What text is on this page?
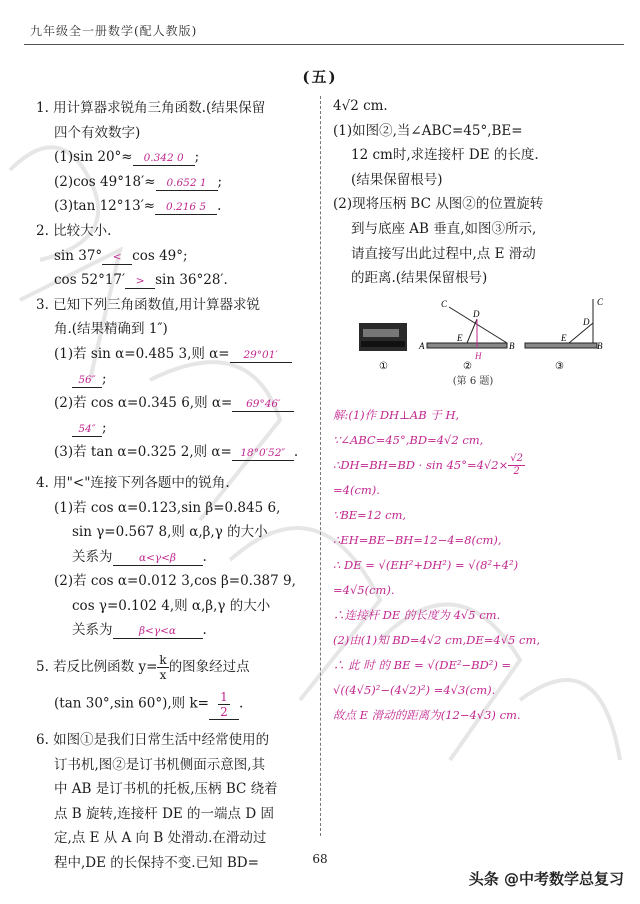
九年级全一册数学(配人教版)
(五)
1. 用计算器求锐角三角函数.(结果保留
四个有效数字)
(1)sin 20°≈ 0.342 0 ;
(2)cos 49°18′≈ 0.652 1 ;
(3)tan 12°13′≈ 0.216 5 .
2. 比较大小.
sin 37° < cos 49°;
cos 52°17′ > sin 36°28′.
3. 已知下列三角函数值,用计算器求锐
角.(结果精确到 1″)
(1)若 sin α=0.485 3,则 α= 29°01′
56″ ;
(2)若 cos α=0.345 6,则 α= 69°46′
54″ ;
(3)若 tan α=0.325 2,则 α= 18°0′52″ .
4. 用"<"连接下列各题中的锐角.
(1)若 cos α=0.123,sin β=0.845 6,
sin γ=0.567 8,则 α,β,γ 的大小
关系为	α<γ<β .
(2)若 cos α=0.012 3,cos β=0.387 9,
cos γ=0.102 4,则 α,β,γ 的大小
关系为	β<γ<α .
5. 若反比例函数 $y= \frac{k}{x}$ 的图象经过点
(tan 30°,sin 60°),则 $k= \frac{1}{2}$ .
6. 如图①是我们日常生活中经常使用的
订书机,图②是订书机侧面示意图,其
中 AB 是订书机的托板,压柄 BC 绕着
点 B 旋转,连接杆 DE 的一端点 D 固
定,点 E 从 A 向 B 处滑动.在滑动过
程中,DE 的长保持不变.已知 BD=
4√2 cm.
(1)如图②,当∠ABC=45°,BE=
12 cm时,求连接杆 DE 的长度.
(结果保留根号)
(2)现将压柄 BC 从图②的位置旋转
到与底座 AB 垂直,如图③所示,
请直接写出此过程中,点 E 滑动
的距离.(结果保留根号)
A	B
C
D
E
H
C
D
E
B
①	②	③
(第 6 题)
解:(1)作 DH⊥AB 于 H,
∵∠ABC=45°,BD=4√2 cm,
∴DH=BH=BD · $\sin 45^\circ=4√2\times \frac{√2}{2}$
=4(cm).
∵BE=12 cm,
∴EH=BE−BH=12−4=8(cm),
∴ DE = √(EH²+DH²) = √(8²+4²)
=4√5(cm).
∴连接杆 DE 的长度为 4√5 cm.
(2)由(1)知 BD=4√2 cm,DE=4√5 cm,
∴ 此 时 的 BE = √(DE²−BD²) =
√((4√5)²−(4√2)²) =4√3(cm).
故点 E 滑动的距离为(12−4√3) cm.
68
头条 @中考数学总复习
